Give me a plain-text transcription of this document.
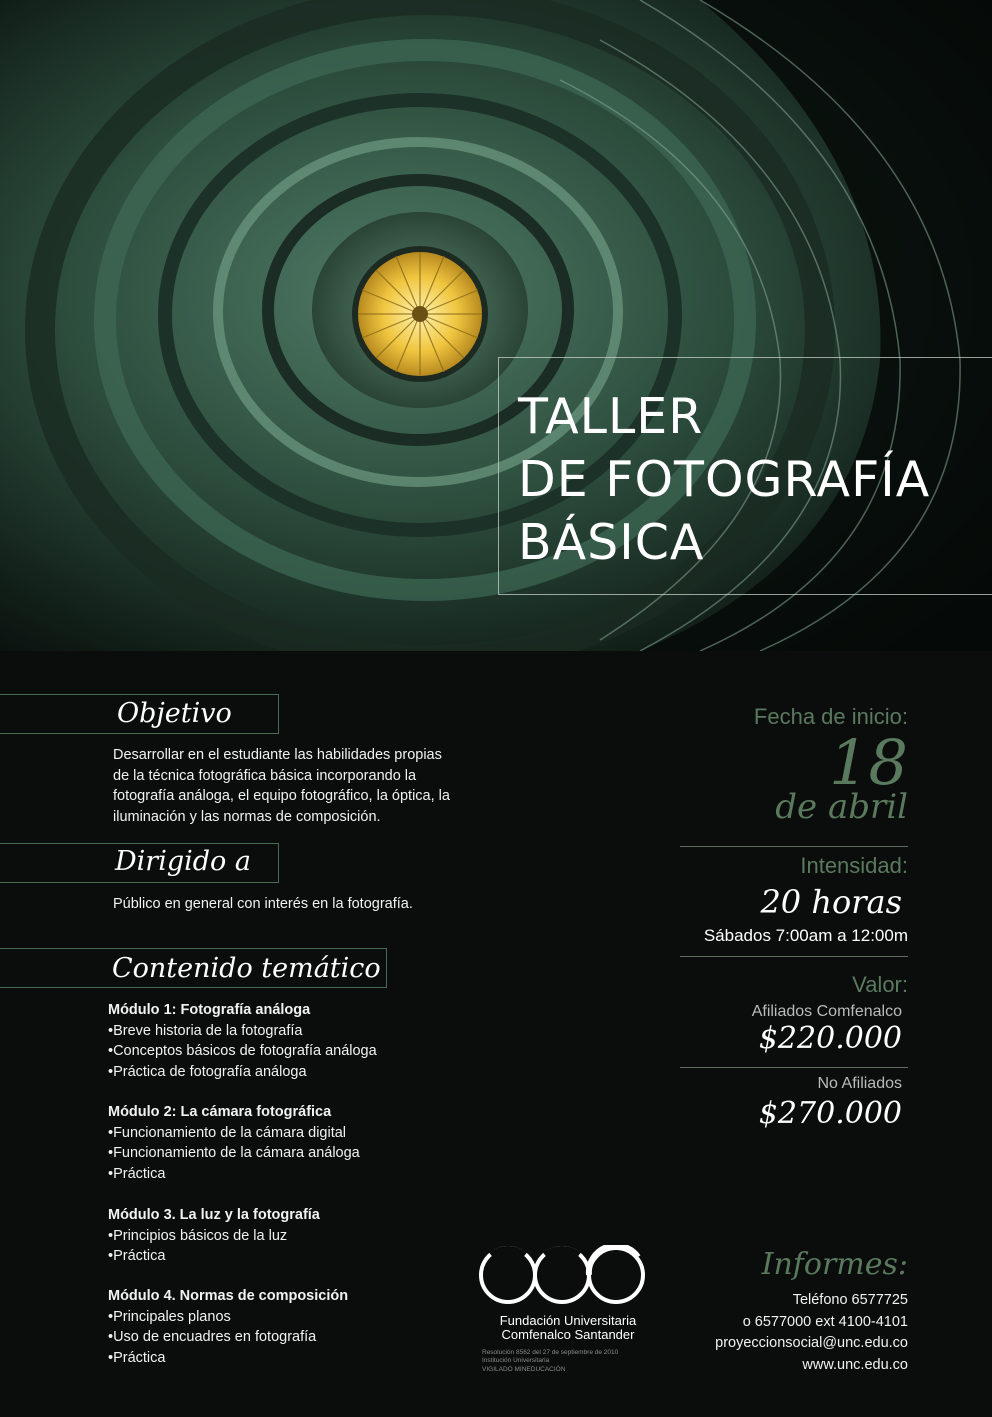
TALLER
DE FOTOGRAFÍA
BÁSICA
Objetivo
Desarrollar en el estudiante las habilidades propias
de la técnica fotográfica básica incorporando la
fotografía análoga, el equipo fotográfico, la óptica, la
iluminación y las normas de composición.
Dirigido a
Público en general con interés en la fotografía.
Contenido temático
Módulo 1: Fotografía análoga
•Breve historia de la fotografía
•Conceptos básicos de fotografía análoga
•Práctica de fotografía análoga
Módulo 2: La cámara fotográfica
•Funcionamiento de la cámara digital
•Funcionamiento de la cámara análoga
•Práctica
Módulo 3. La luz y la fotografía
•Principios básicos de la luz
•Práctica
Módulo 4. Normas de composición
•Principales planos
•Uso de encuadres en fotografía
•Práctica
Fecha de inicio:
18
de abril
Intensidad:
20 horas
Sábados 7:00am a 12:00m
Valor:
Afiliados Comfenalco
$220.000
No Afiliados
$270.000
Fundación Universitaria
Comfenalco Santander
Resolución 8562 del 27 de septiembre de 2010
Institución Universitaria
VIGILADO MINEDUCACIÓN
Informes:
Teléfono 6577725
o 6577000 ext 4100-4101
proyeccionsocial@unc.edu.co
www.unc.edu.co
